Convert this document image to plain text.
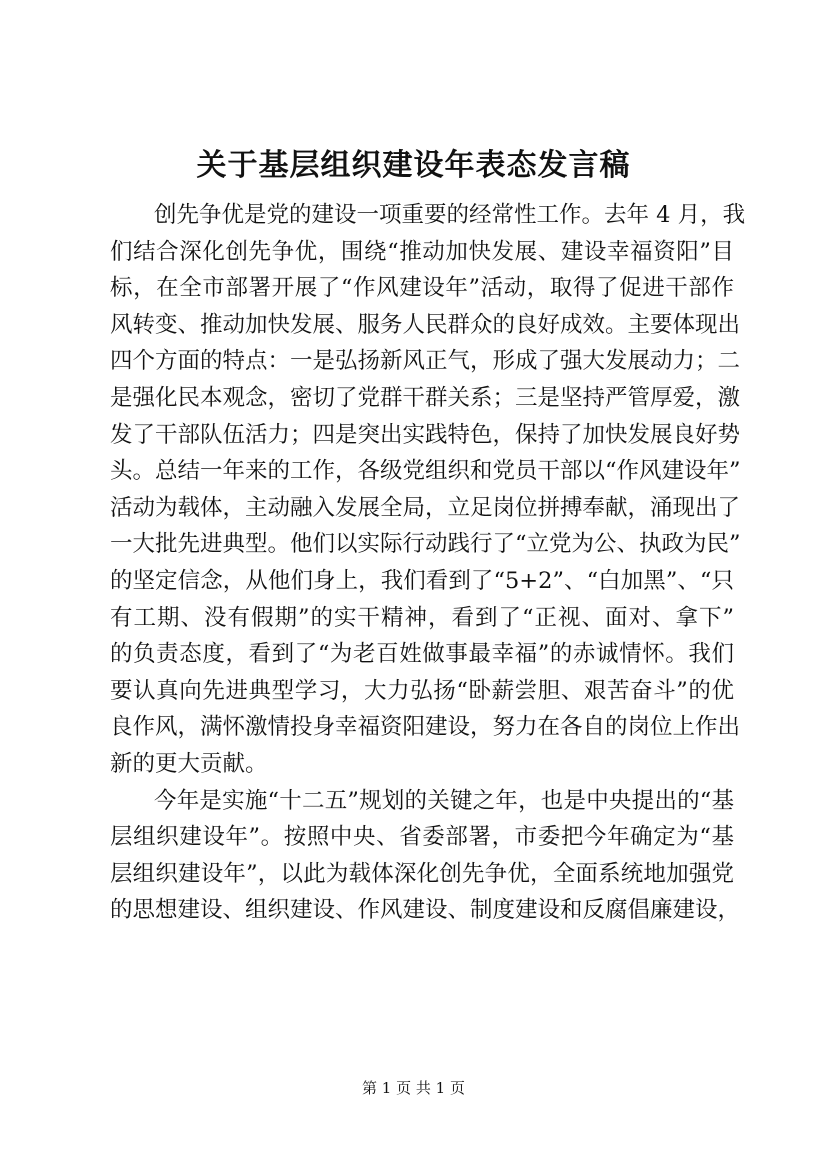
关于基层组织建设年表态发言稿
创先争优是党的建设一项重要的经常性工作。去年 4 月，我
们结合深化创先争优，围绕“推动加快发展、建设幸福资阳”目
标，在全市部署开展了“作风建设年”活动，取得了促进干部作
风转变、推动加快发展、服务人民群众的良好成效。主要体现出
四个方面的特点：一是弘扬新风正气，形成了强大发展动力；二
是强化民本观念，密切了党群干群关系；三是坚持严管厚爱，激
发了干部队伍活力；四是突出实践特色，保持了加快发展良好势
头。总结一年来的工作，各级党组织和党员干部以“作风建设年”
活动为载体，主动融入发展全局，立足岗位拼搏奉献，涌现出了
一大批先进典型。他们以实际行动践行了“立党为公、执政为民”
的坚定信念，从他们身上，我们看到了“5+2”、“白加黑”、“只
有工期、没有假期”的实干精神，看到了“正视、面对、拿下”
的负责态度，看到了“为老百姓做事最幸福”的赤诚情怀。我们
要认真向先进典型学习，大力弘扬“卧薪尝胆、艰苦奋斗”的优
良作风，满怀激情投身幸福资阳建设，努力在各自的岗位上作出
新的更大贡献。
今年是实施“十二五”规划的关键之年，也是中央提出的“基
层组织建设年”。按照中央、省委部署，市委把今年确定为“基
层组织建设年”，以此为载体深化创先争优，全面系统地加强党
的思想建设、组织建设、作风建设、制度建设和反腐倡廉建设，
第 1 页 共 1 页
